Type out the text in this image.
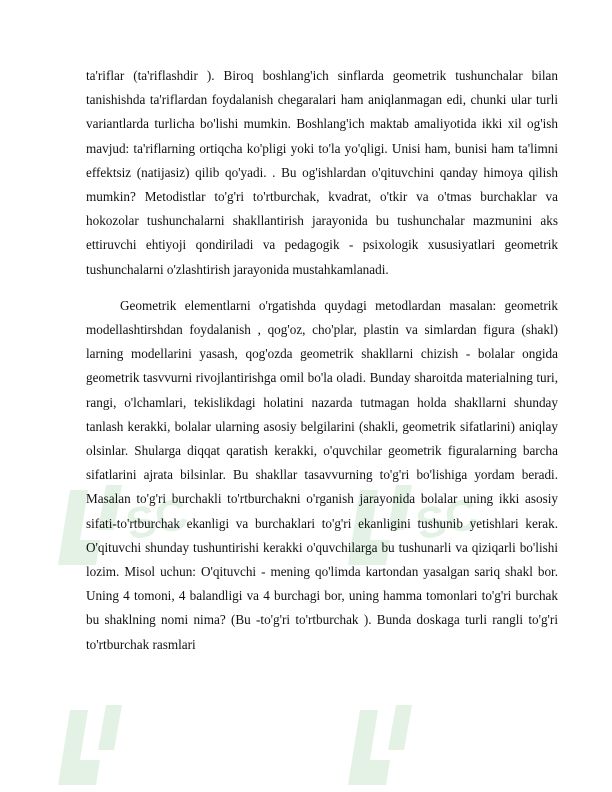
SC	SC

ta'riflar (ta'riflashdir ). Biroq boshlang'ich sinflarda geometrik tushunchalar bilan tanishishda ta'riflardan foydalanish chegaralari ham aniqlanmagan edi, chunki ular turli variantlarda turlicha bo'lishi mumkin. Boshlang'ich maktab amaliyotida ikki xil og'ish mavjud: ta'riflarning ortiqcha ko'pligi yoki to'la yo'qligi. Unisi ham, bunisi ham ta'limni effektsiz (natijasiz) qilib qo'yadi. . Bu og'ishlardan o'qituvchini qanday himoya qilish mumkin? Metodistlar to'g'ri to'rtburchak, kvadrat, o'tkir va o'tmas burchaklar va hokozolar tushunchalarni shakllantirish jarayonida bu tushunchalar mazmunini aks ettiruvchi ehtiyoji qondiriladi va pedagogik - psixologik xususiyatlari geometrik tushunchalarni o'zlashtirish jarayonida mustahkamlanadi.

Geometrik elementlarni o'rgatishda quydagi metodlardan masalan: geometrik modellashtirshdan foydalanish , qog'oz, cho'plar, plastin va simlardan figura (shakl) larning modellarini yasash, qog'ozda geometrik shakllarni chizish - bolalar ongida geometrik tasvvurni rivojlantirishga omil bo'la oladi. Bunday sharoitda materialning turi, rangi, o'lchamlari, tekislikdagi holatini nazarda tutmagan holda shakllarni shunday tanlash kerakki, bolalar ularning asosiy belgilarini (shakli, geometrik sifatlarini) aniqlay olsinlar. Shularga diqqat qaratish kerakki, o'quvchilar geometrik figuralarning barcha sifatlarini ajrata bilsinlar. Bu shakllar tasavvurning to'g'ri bo'lishiga yordam beradi. Masalan to'g'ri burchakli to'rtburchakni o'rganish jarayonida bolalar uning ikki asosiy sifati-to'rtburchak ekanligi va burchaklari to'g'ri ekanligini tushunib yetishlari kerak. O'qituvchi shunday tushuntirishi kerakki o'quvchilarga bu tushunarli va qiziqarli bo'lishi lozim. Misol uchun: O'qituvchi - mening qo'limda kartondan yasalgan sariq shakl bor. Uning 4 tomoni, 4 balandligi va 4 burchagi bor, uning hamma tomonlari to'g'ri burchak bu shaklning nomi nima? (Bu -to'g'ri to'rtburchak ). Bunda doskaga turli rangli to'g'ri to'rtburchak rasmlari
